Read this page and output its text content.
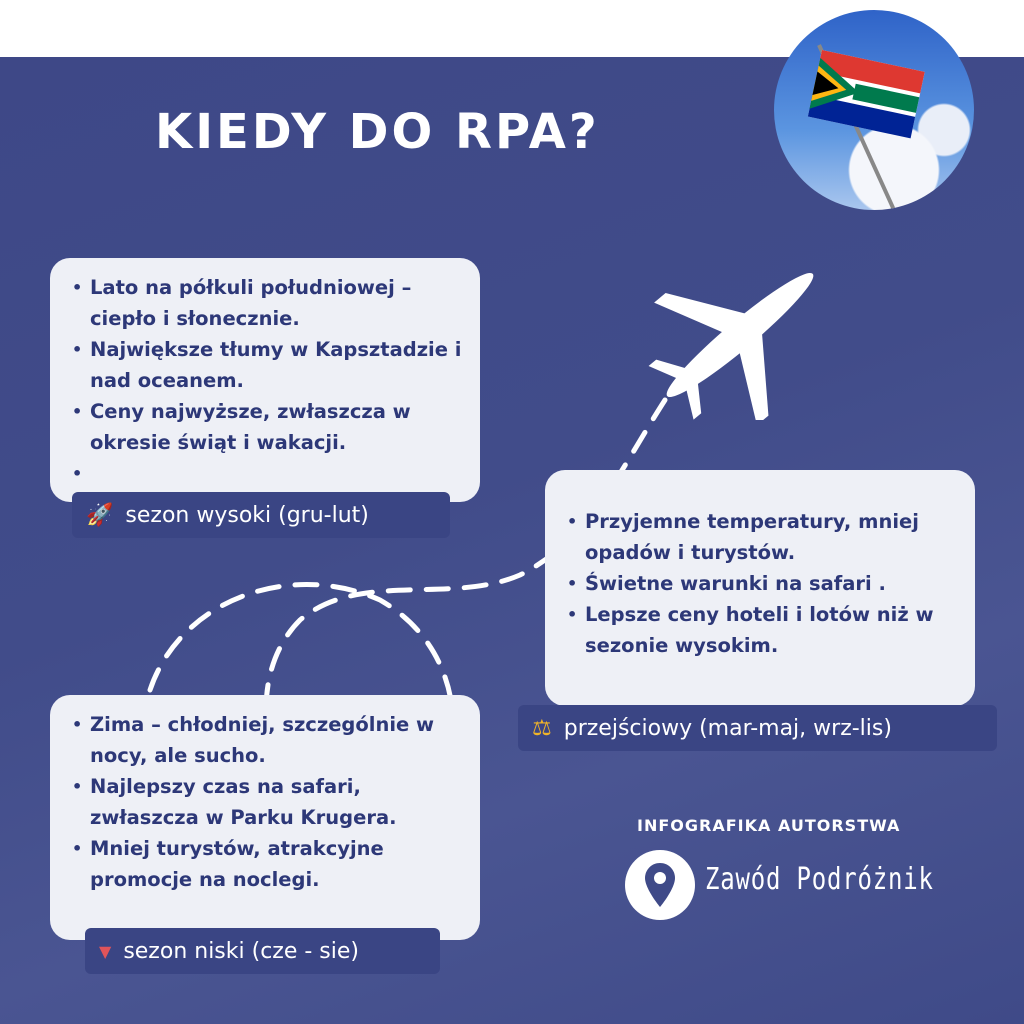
KIEDY DO RPA?
• Lato na półkuli południowej – ciepło i słonecznie.
• Największe tłumy w Kapsztadzie i nad oceanem.
• Ceny najwyższe, zwłaszcza w okresie świąt i wakacji.
•
🚀 sezon wysoki (gru-lut)	• Przyjemne temperatury, mniej opadów i turystów.
• Świetne warunki na safari .
• Lepsze ceny hoteli i lotów niż w sezonie wysokim.
⚖ przejściowy (mar-maj, wrz-lis)
• Zima – chłodniej, szczególnie w nocy, ale sucho.
• Najlepszy czas na safari, zwłaszcza w Parku Krugera.
• Mniej turystów, atrakcyjne promocje na noclegi.
▼ sezon niski (cze - sie)
INFOGRAFIKA AUTORSTWA
Zawód Podróżnik
